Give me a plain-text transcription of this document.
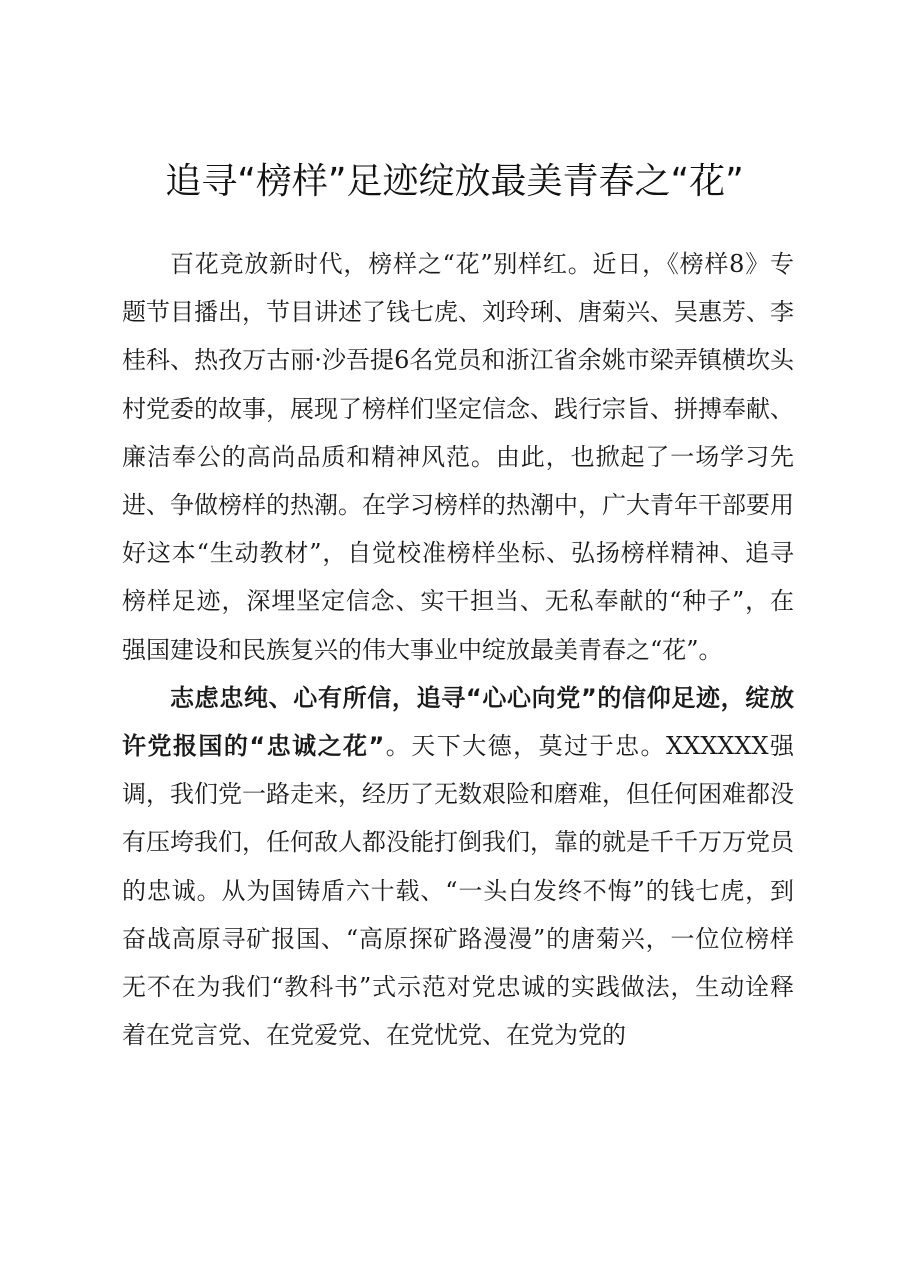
追寻“榜样”足迹绽放最美青春之“花”

百花竞放新时代，榜样之“花”别样红。近日，《榜样8》专题节目播出，节目讲述了钱七虎、刘玲琍、唐菊兴、吴惠芳、李桂科、热孜万古丽·沙吾提6名党员和浙江省余姚市梁弄镇横坎头村党委的故事，展现了榜样们坚定信念、践行宗旨、拼搏奉献、廉洁奉公的高尚品质和精神风范。由此，也掀起了一场学习先进、争做榜样的热潮。在学习榜样的热潮中，广大青年干部要用好这本“生动教材”，自觉校准榜样坐标、弘扬榜样精神、追寻榜样足迹，深埋坚定信念、实干担当、无私奉献的“种子”，在强国建设和民族复兴的伟大事业中绽放最美青春之“花”。

志虑忠纯、心有所信，追寻“心心向党”的信仰足迹，绽放许党报国的“忠诚之花”。天下大德，莫过于忠。XXXXXX强调，我们党一路走来，经历了无数艰险和磨难，但任何困难都没有压垮我们，任何敌人都没能打倒我们，靠的就是千千万万党员的忠诚。从为国铸盾六十载、“一头白发终不悔”的钱七虎，到奋战高原寻矿报国、“高原探矿路漫漫”的唐菊兴，一位位榜样无不在为我们“教科书”式示范对党忠诚的实践做法，生动诠释着在党言党、在党爱党、在党忧党、在党为党的
